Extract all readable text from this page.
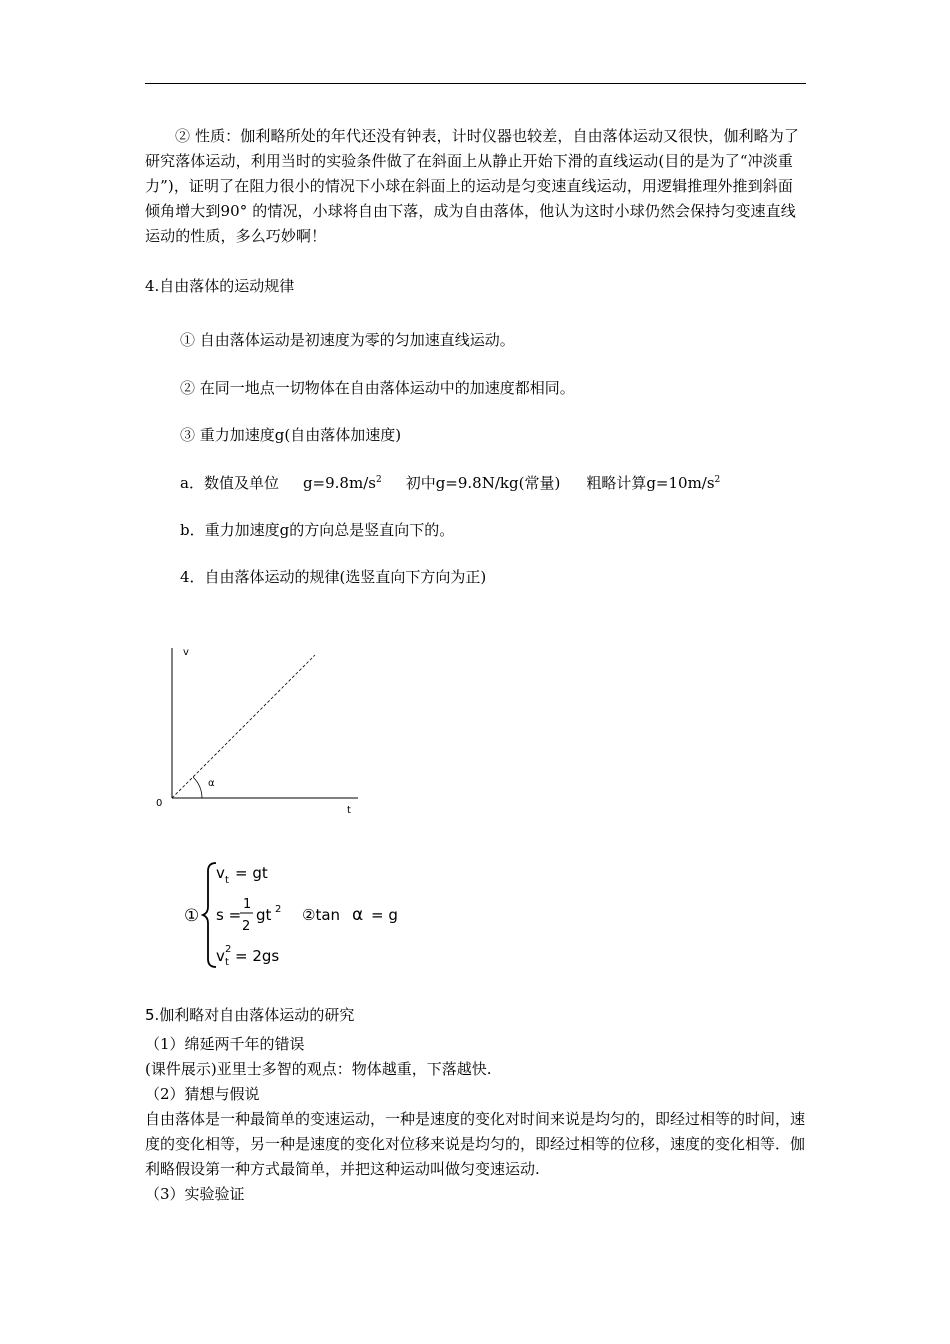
② 性质：伽利略所处的年代还没有钟表，计时仪器也较差，自由落体运动又很快，伽利略为了研究落体运动，利用当时的实验条件做了在斜面上从静止开始下滑的直线运动(目的是为了“冲淡重力”)，证明了在阻力很小的情况下小球在斜面上的运动是匀变速直线运动，用逻辑推理外推到斜面倾角增大到90° 的情况，小球将自由下落，成为自由落体，他认为这时小球仍然会保持匀变速直线运动的性质，多么巧妙啊！
4.自由落体的运动规律
① 自由落体运动是初速度为零的匀加速直线运动。
② 在同一地点一切物体在自由落体运动中的加速度都相同。
③ 重力加速度g(自由落体加速度)
a．数值及单位 $g=9.8m/s^2$ 初中g=9.8N/kg(常量) 粗略计算$g=10m/s^2$
b．重力加速度g的方向总是竖直向下的。
4．自由落体运动的规律(选竖直向下方向为正)
v
t
0
α
①
v t = gt
s =
1
2
gt 2 ②tan α = g
v 2
t = 2gs
5.伽利略对自由落体运动的研究
（1）绵延两千年的错误
(课件展示)亚里士多智的观点：物体越重，下落越快.
（2）猜想与假说
自由落体是一种最简单的变速运动，一种是速度的变化对时间来说是均匀的，即经过相等的时间，速度的变化相等，另一种是速度的变化对位移来说是均匀的，即经过相等的位移，速度的变化相等．伽利略假设第一种方式最简单，并把这种运动叫做匀变速运动.
（3）实验验证
